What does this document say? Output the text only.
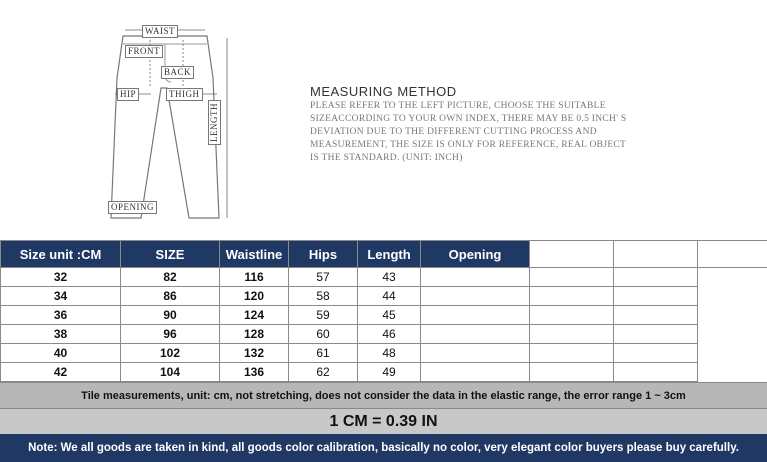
WAIST
FRONT
BACK
HIP	THIGH
LENGTH
OPENING
MEASURING METHOD
PLEASE REFER TO THE LEFT PICTURE, CHOOSE THE SUITABLE
SIZEACCORDING TO YOUR OWN INDEX, THERE MAY BE 0.5 INCH' S
DEVIATION DUE TO THE DIFFERENT CUTTING PROCESS AND
MEASUREMENT, THE SIZE IS ONLY FOR REFERENCE, REAL OBJECT
IS THE STANDARD. (UNIT: INCH)
Size unit :CM	SIZE	Waistline	Hips	Length	Opening			
32	82	116	57	43				
34	86	120	58	44				
36	90	124	59	45				
38	96	128	60	46				
40	102	132	61	48				
42	104	136	62	49				
Tile measurements, unit: cm, not stretching, does not consider the data in the elastic range, the error range 1 ~ 3cm
1 CM = 0.39 IN
Note: We all goods are taken in kind, all goods color calibration, basically no color, very elegant color buyers please buy carefully.
